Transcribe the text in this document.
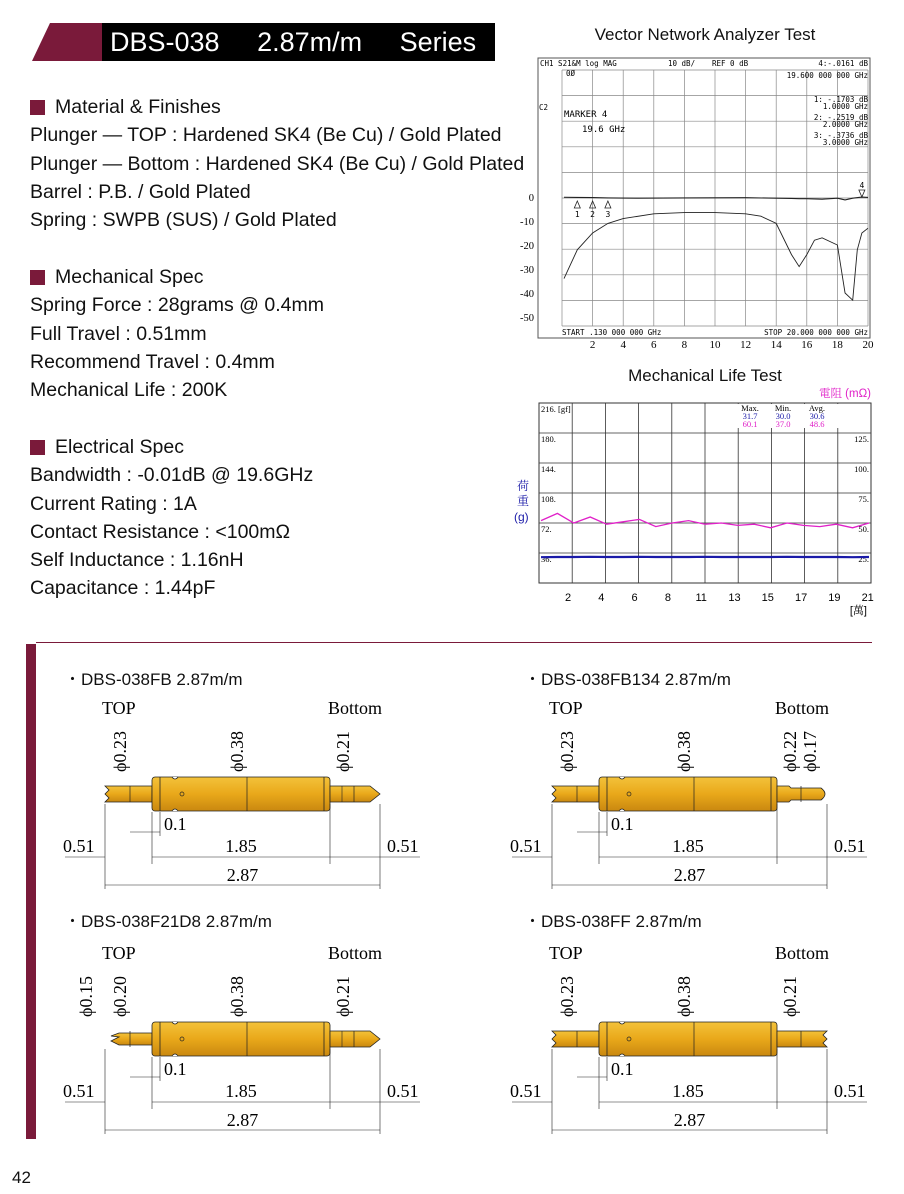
DBS-038 2.87m/m Series
Material & Finishes
Plunger — TOP : Hardened SK4 (Be Cu) / Gold Plated
Plunger — Bottom : Hardened SK4 (Be Cu) / Gold Plated
Barrel : P.B. / Gold Plated
Spring : SWPB (SUS) / Gold Plated
Mechanical Spec
Spring Force : 28grams @ 0.4mm
Full Travel : 0.51mm
Recommend Travel : 0.4mm
Mechanical Life : 200K
Electrical Spec
Bandwidth : -0.01dB @ 19.6GHz
Current Rating : 1A
Contact Resistance : <100mΩ
Self Inductance : 1.16nH
Capacitance : 1.44pF
Vector Network Analyzer Test
CH1 S21&M log MAG	10 dB/ REF 0 dB	4:-.0161 dB
19.600 000 000 GHz
0Ø
C2
MARKER 4
19.6 GHz
1: -.1703 dB
1.0000 GHz
2: -.2519 dB
2.0000 GHz
3: -.3736 dB
3.0000 GHz
1 2 3
4
START .130 000 000 GHz	STOP 20.000 000 000 GHz
0
-10
-20
-30
-40
-50
2 4 6 8 10 12 14 16 18 20
Mechanical Life Test
電阻 (mΩ)
荷
重
(g)
216. [gf]
180.
144.
108.
72.
36.
125.
100.
75.
50.
25.
Max. Min. Avg.
31.7 30.0 30.6
60.1 37.0 48.6
2 4 6 8 11 13 15 17 19 21
[萬]
・DBS-038FB 2.87m/m	・DBS-038FB134 2.87m/m
・DBS-038F21D8 2.87m/m	・DBS-038FF 2.87m/m
TOP	Bottom
ϕ0.23	ϕ0.38	ϕ0.21
0.1
0.51	1.85	0.51
2.87
TOP	Bottom
ϕ0.23	ϕ0.38	ϕ0.22 ϕ0.17
0.1
0.51	1.85	0.51
2.87
TOP	Bottom
ϕ0.20	ϕ0.38	ϕ0.21
ϕ0.15
0.1
0.51	1.85	0.51
2.87
TOP	Bottom
ϕ0.23	ϕ0.38	ϕ0.21
0.1
0.51	1.85	0.51
2.87
42
